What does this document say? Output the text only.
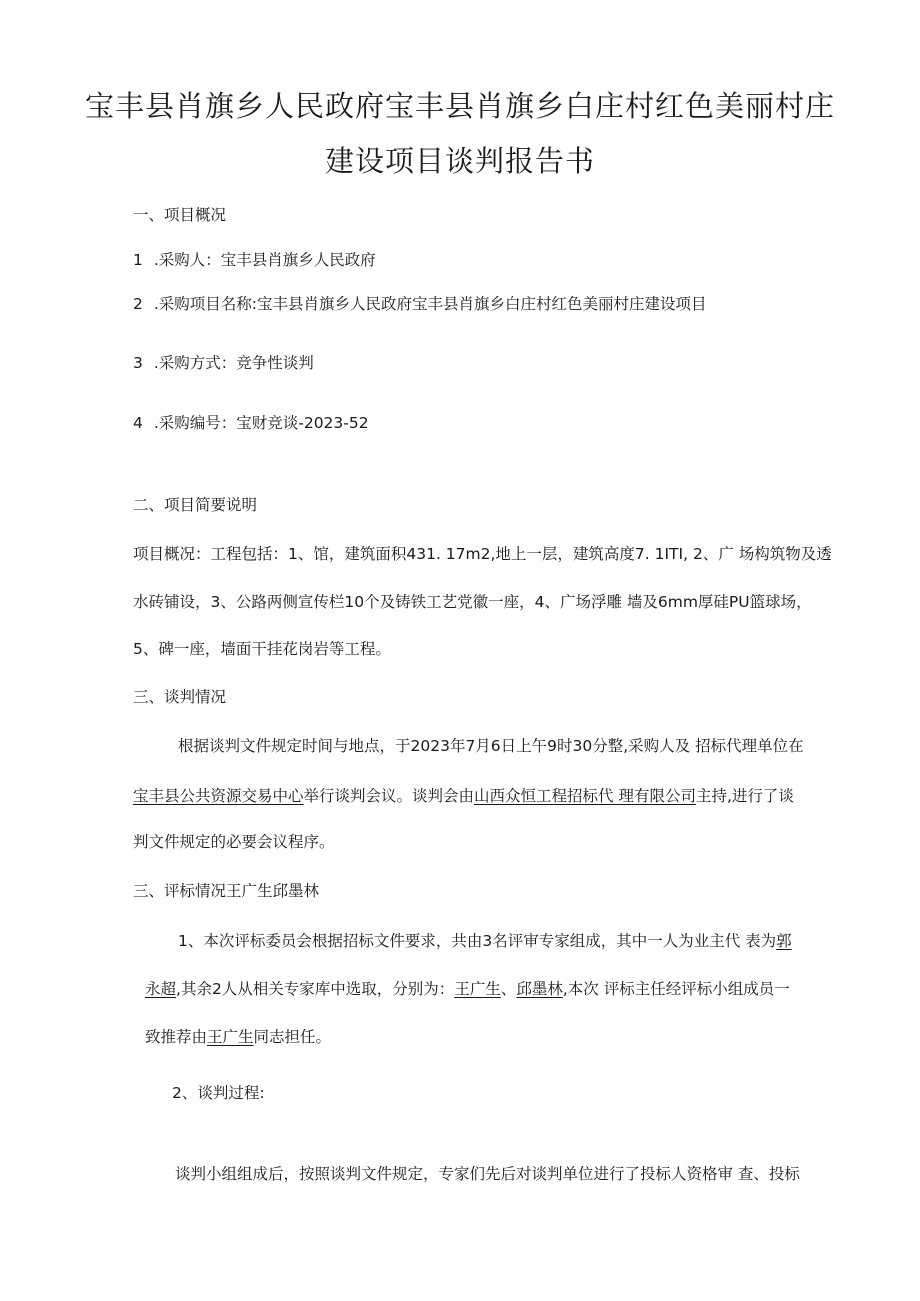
宝丰县肖旗乡人民政府宝丰县肖旗乡白庄村红色美丽村庄
建设项目谈判报告书
一、项目概况
1 .采购人：宝丰县肖旗乡人民政府
2 .采购项目名称:宝丰县肖旗乡人民政府宝丰县肖旗乡白庄村红色美丽村庄建设项目
3 .采购方式：竞争性谈判
4 .采购编号：宝财竞谈-2023-52
二、项目简要说明
项目概况：工程包括：1、馆，建筑面积431. 17m2,地上一层，建筑高度7. 1ITI, 2、广 场构筑物及透
水砖铺设，3、公路两侧宣传栏10个及铸铁工艺党徽一座，4、广场浮雕 墙及6mm厚硅PU篮球场，
5、碑一座，墙面干挂花岗岩等工程。
三、谈判情况
根据谈判文件规定时间与地点，于2023年7月6日上午9时30分整,采购人及 招标代理单位在
宝丰县公共资源交易中心举行谈判会议。谈判会由山西众恒工程招标代 理有限公司主持,进行了谈
判文件规定的必要会议程序。
三、评标情况王广生邱墨林
1、本次评标委员会根据招标文件要求，共由3名评审专家组成，其中一人为业主代 表为郭
永超,其余2人从相关专家库中选取，分别为：王广生、邱墨林,本次 评标主任经评标小组成员一
致推荐由王广生同志担任。
2、谈判过程:
谈判小组组成后，按照谈判文件规定，专家们先后对谈判单位进行了投标人资格审 查、投标
